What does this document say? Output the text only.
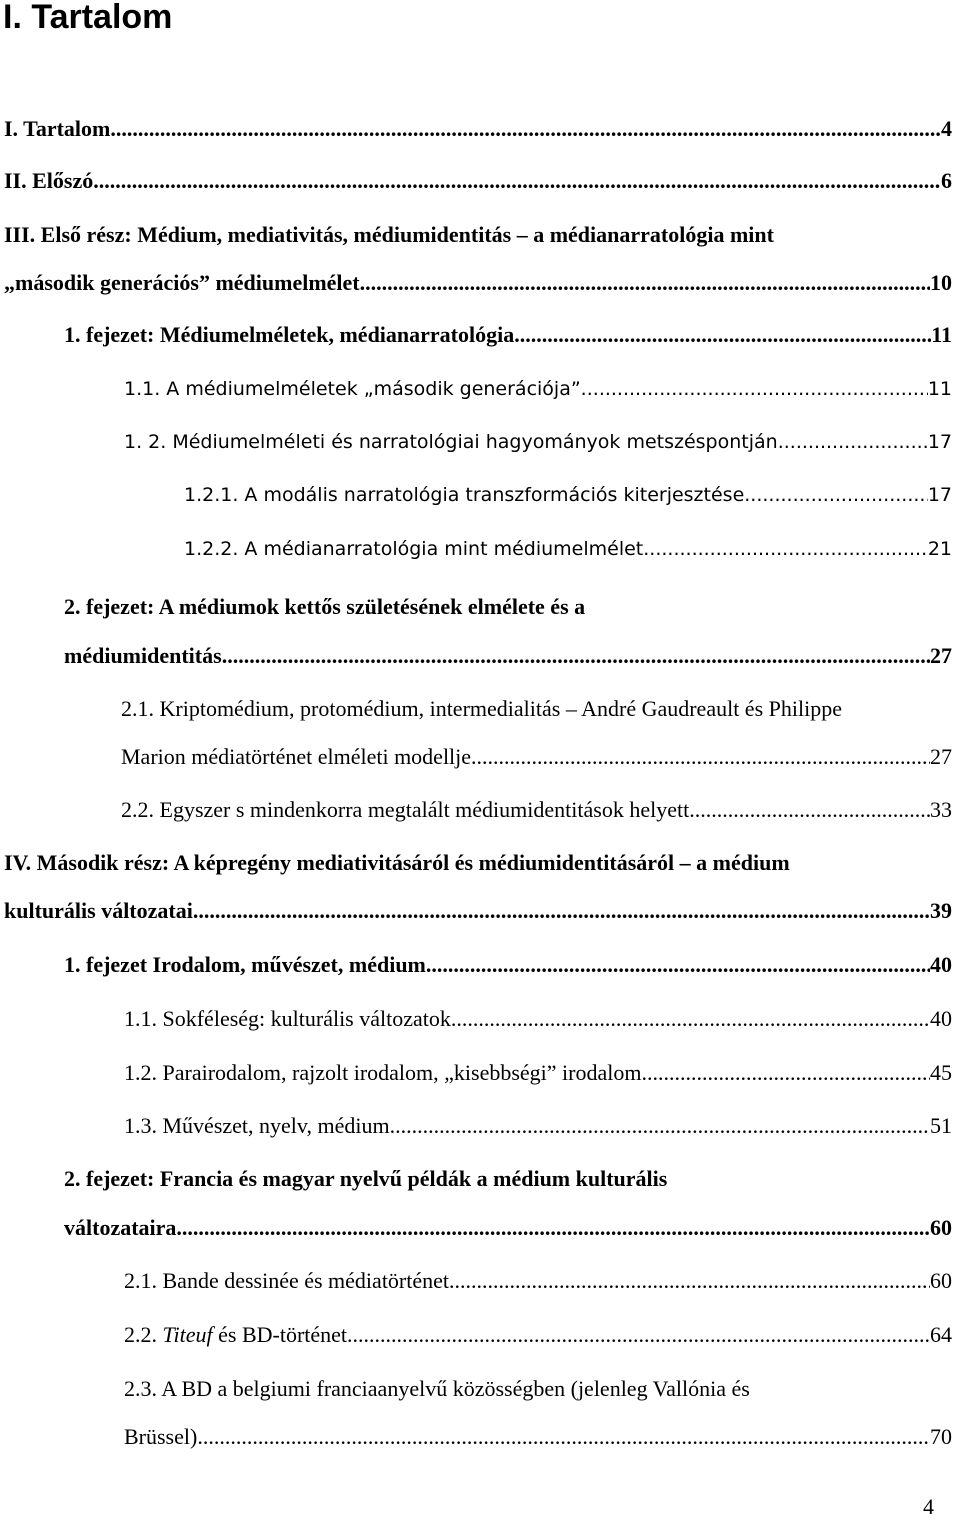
I. Tartalom
I. Tartalom .....	4
II. Előszó. .....	6
III. Első rész: Médium, mediativitás, médiumidentitás – a médianarratológia mint
„második generációs” médiumelmélet .....	10
1. fejezet: Médiumelméletek, médianarratológia .....	11
1.1. A médiumelméletek „második generációja”. .....	11
1. 2. Médiumelméleti és narratológiai hagyományok metszéspontján .....	17
1.2.1. A modális narratológia transzformációs kiterjesztése .....	17
1.2.2. A médianarratológia mint médiumelmélet .....	21
2. fejezet: A médiumok kettős születésének elmélete és a
médiumidentitás .....	27
2.1. Kriptomédium, protomédium, intermedialitás – André Gaudreault és Philippe
Marion médiatörténet elméleti modellje .....	27
2.2. Egyszer s mindenkorra megtalált médiumidentitások helyett .....	33
IV. Második rész: A képregény mediativitásáról és médiumidentitásáról – a médium
kulturális változatai .....	39
1. fejezet Irodalom, művészet, médium .....	40
1.1. Sokféleség: kulturális változatok .....	40
1.2. Parairodalom, rajzolt irodalom, „kisebbségi” irodalom .....	45
1.3. Művészet, nyelv, médium .....	51
2. fejezet: Francia és magyar nyelvű példák a médium kulturális
változataira .....	60
2.1. Bande dessinée és médiatörténet .....	60
2.2. Titeuf és BD-történet .....	64
2.3. A BD a belgiumi franciaanyelvű közösségben (jelenleg Vallónia és
Brüssel) .....	70
4
